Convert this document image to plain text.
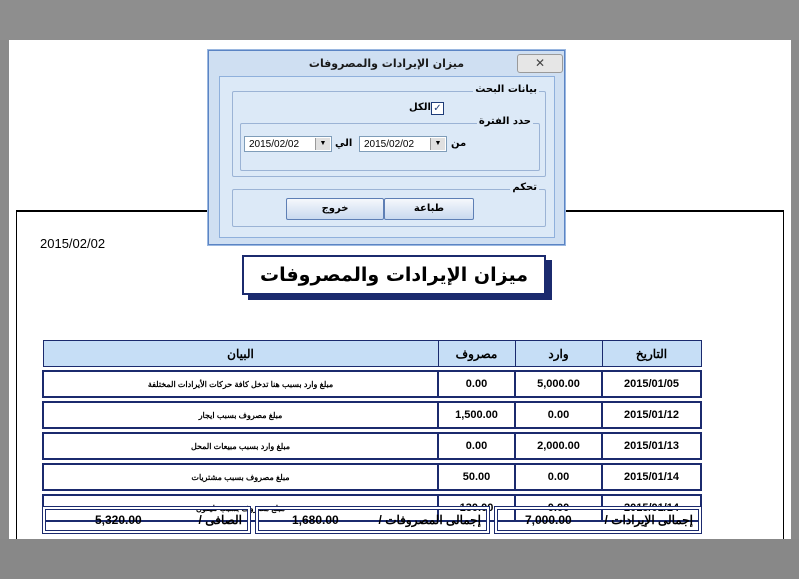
2015/02/02
ميزان الإيرادات والمصروفات
التاريخ	وارد	مصروف	البيان

2015/01/05	5,000.00	0.00	مبلغ وارد بسبب هنا تدخل كافة حركات الأيرادات المختلفة

2015/01/12	0.00	1,500.00	مبلغ مصروف بسبب ايجار

2015/01/13	2,000.00	0.00	مبلغ وارد بسبب مبيعات المحل

2015/01/14	0.00	50.00	مبلغ مصروف بسبب مشتريات

2015/01/14	0.00	130.00	مبلغ مصروف بسبب تليفون
إجمالى الإيرادات /
7,000.00
إجمالى المصروفات /
1,680.00
الصافى /
5,320.00
ميزان الإيرادات والمصروفات	✕
بيانات البحث
الكل ✓
حدد الفترة
2015/02/02	▼ من
2015/02/02	▼ الي
تحكم
طباعة
خروج
